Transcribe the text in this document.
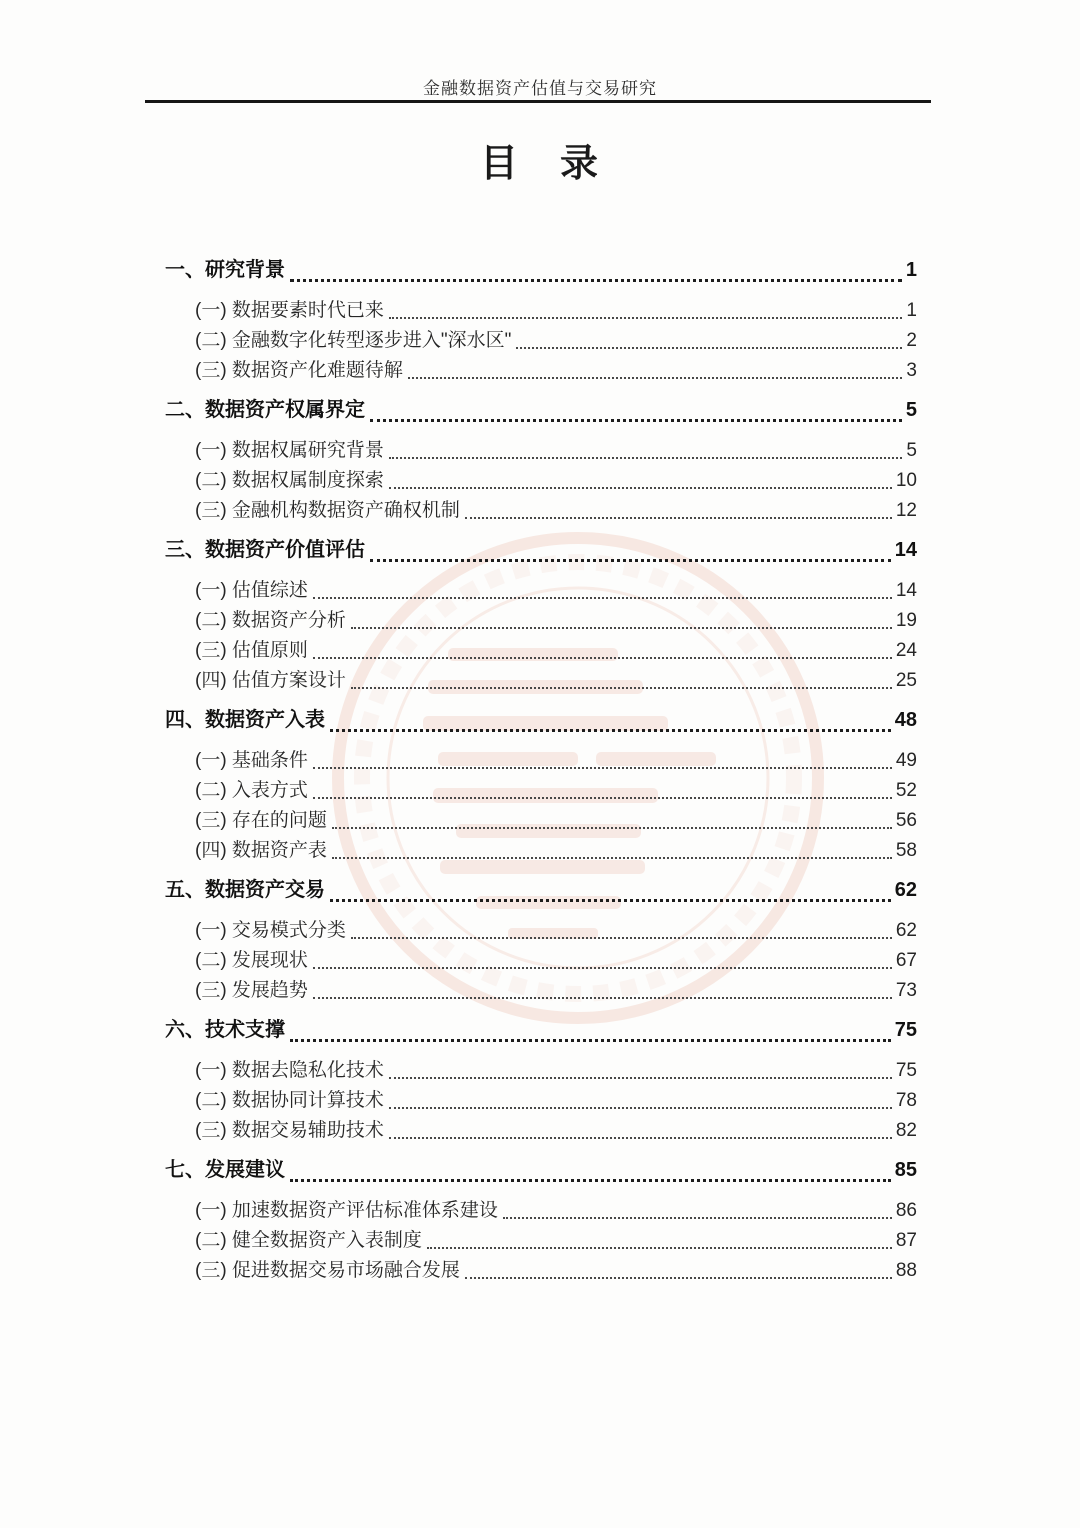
金融数据资产估值与交易研究
目　录
一、研究背景	1
(一) 数据要素时代已来	1
(二) 金融数字化转型逐步进入"深水区"	2
(三) 数据资产化难题待解	3
二、数据资产权属界定	5
(一) 数据权属研究背景	5
(二) 数据权属制度探索	10
(三) 金融机构数据资产确权机制	12
三、数据资产价值评估	14
(一) 估值综述	14
(二) 数据资产分析	19
(三) 估值原则	24
(四) 估值方案设计	25
四、数据资产入表	48
(一) 基础条件	49
(二) 入表方式	52
(三) 存在的问题	56
(四) 数据资产表	58
五、数据资产交易	62
(一) 交易模式分类	62
(二) 发展现状	67
(三) 发展趋势	73
六、技术支撑	75
(一) 数据去隐私化技术	75
(二) 数据协同计算技术	78
(三) 数据交易辅助技术	82
七、发展建议	85
(一) 加速数据资产评估标准体系建设	86
(二) 健全数据资产入表制度	87
(三) 促进数据交易市场融合发展	88
